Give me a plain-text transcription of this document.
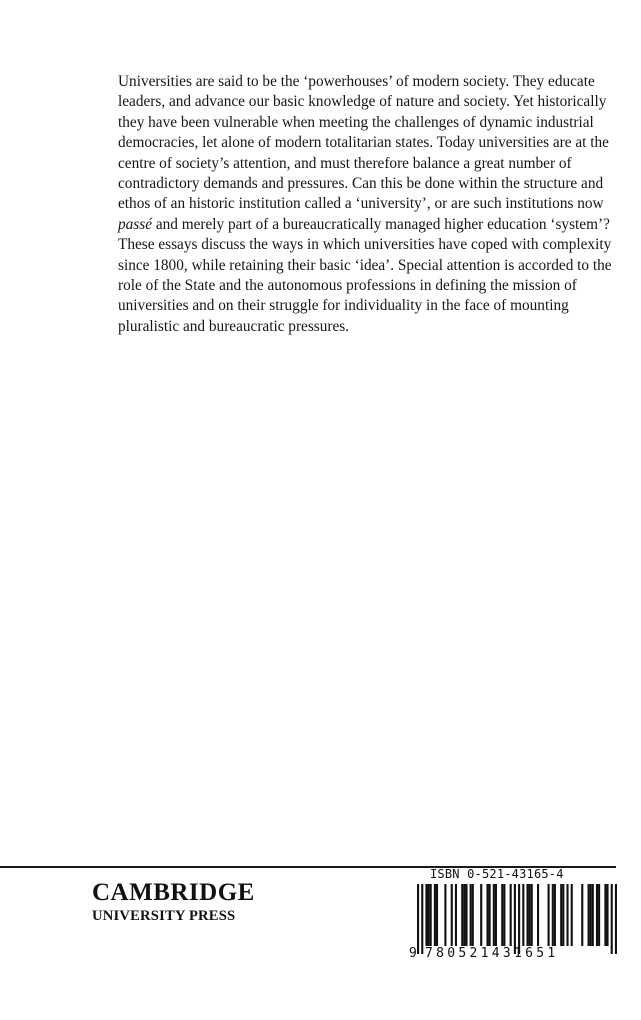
Universities are said to be the ‘powerhouses’ of modern society. They educate
leaders, and advance our basic knowledge of nature and society. Yet historically
they have been vulnerable when meeting the challenges of dynamic industrial
democracies, let alone of modern totalitarian states. Today universities are at the
centre of society’s attention, and must therefore balance a great number of
contradictory demands and pressures. Can this be done within the structure and
ethos of an historic institution called a ‘university’, or are such institutions now
passé and merely part of a bureaucratically managed higher education ‘system’?
These essays discuss the ways in which universities have coped with complexity
since 1800, while retaining their basic ‘idea’. Special attention is accorded to the
role of the State and the autonomous professions in defining the mission of
universities and on their struggle for individuality in the face of mounting
pluralistic and bureaucratic pressures.
CAMBRIDGE
UNIVERSITY PRESS
ISBN 0-521-43165-4
9 780521431651
